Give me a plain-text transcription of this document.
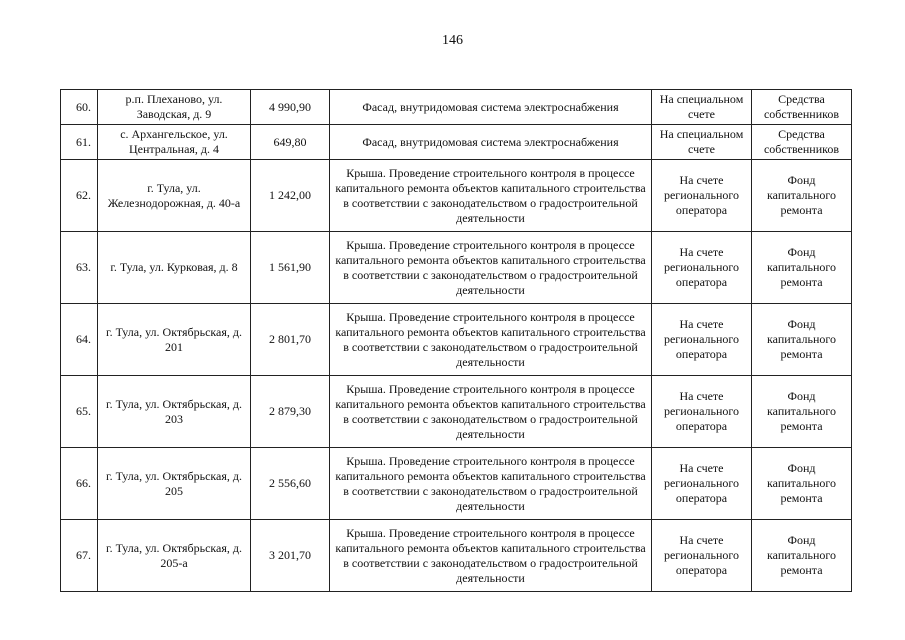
146
60.	р.п. Плеханово, ул. Заводская, д. 9	4 990,90	Фасад, внутридомовая система электроснабжения	На специальном счете	Средства собственников
61.	с. Архангельское, ул. Центральная, д. 4	649,80	Фасад, внутридомовая система электроснабжения	На специальном счете	Средства собственников
62.	г. Тула, ул. Железнодорожная, д. 40-а	1 242,00	Крыша. Проведение строительного контроля в процессе капитального ремонта объектов капитального строительства в соответствии с законодательством о градостроительной деятельности	На счете регионального оператора	Фонд капитального ремонта
63.	г. Тула, ул. Курковая, д. 8	1 561,90	Крыша. Проведение строительного контроля в процессе капитального ремонта объектов капитального строительства в соответствии с законодательством о градостроительной деятельности	На счете регионального оператора	Фонд капитального ремонта
64.	г. Тула, ул. Октябрьская, д. 201	2 801,70	Крыша. Проведение строительного контроля в процессе капитального ремонта объектов капитального строительства в соответствии с законодательством о градостроительной деятельности	На счете регионального оператора	Фонд капитального ремонта
65.	г. Тула, ул. Октябрьская, д. 203	2 879,30	Крыша. Проведение строительного контроля в процессе капитального ремонта объектов капитального строительства в соответствии с законодательством о градостроительной деятельности	На счете регионального оператора	Фонд капитального ремонта
66.	г. Тула, ул. Октябрьская, д. 205	2 556,60	Крыша. Проведение строительного контроля в процессе капитального ремонта объектов капитального строительства в соответствии с законодательством о градостроительной деятельности	На счете регионального оператора	Фонд капитального ремонта
67.	г. Тула, ул. Октябрьская, д. 205-а	3 201,70	Крыша. Проведение строительного контроля в процессе капитального ремонта объектов капитального строительства в соответствии с законодательством о градостроительной деятельности	На счете регионального оператора	Фонд капитального ремонта
